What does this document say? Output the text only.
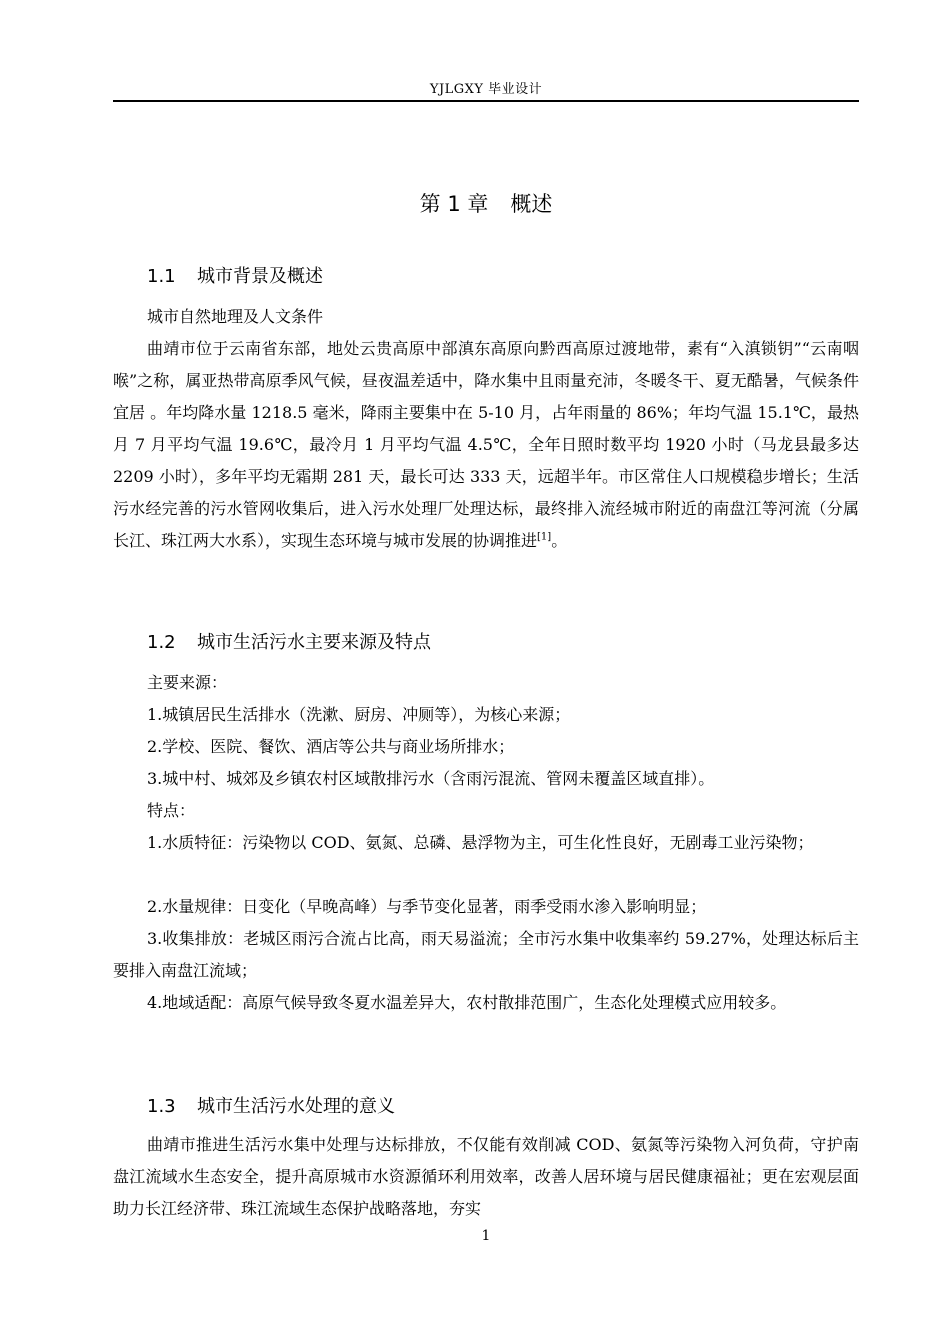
YJLGXY 毕业设计
第 1 章 概述
1.1 城市背景及概述
城市自然地理及人文条件
曲靖市位于云南省东部，地处云贵高原中部滇东高原向黔西高原过渡地带，素有“入滇锁钥”“云南咽喉”之称，属亚热带高原季风气候，昼夜温差适中，降水集中且雨量充沛，冬暖冬干、夏无酷暑，气候条件宜居 。年均降水量 1218.5 毫米，降雨主要集中在 5-10 月，占年雨量的 86%；年均气温 15.1℃，最热月 7 月平均气温 19.6℃，最冷月 1 月平均气温 4.5℃，全年日照时数平均 1920 小时（马龙县最多达 2209 小时），多年平均无霜期 281 天，最长可达 333 天，远超半年。市区常住人口规模稳步增长；生活污水经完善的污水管网收集后，进入污水处理厂处理达标，最终排入流经城市附近的南盘江等河流（分属长江、珠江两大水系），实现生态环境与城市发展的协调推进[1]。
1.2 城市生活污水主要来源及特点
主要来源：
1.城镇居民生活排水（洗漱、厨房、冲厕等），为核心来源；
2.学校、医院、餐饮、酒店等公共与商业场所排水；
3.城中村、城郊及乡镇农村区域散排污水（含雨污混流、管网未覆盖区域直排）。
特点：
1.水质特征：污染物以 COD、氨氮、总磷、悬浮物为主，可生化性良好，无剧毒工业污染物；
2.水量规律：日变化（早晚高峰）与季节变化显著，雨季受雨水渗入影响明显；
3.收集排放：老城区雨污合流占比高，雨天易溢流；全市污水集中收集率约 59.27%，处理达标后主要排入南盘江流域；
4.地域适配：高原气候导致冬夏水温差异大，农村散排范围广，生态化处理模式应用较多。
1.3 城市生活污水处理的意义
曲靖市推进生活污水集中处理与达标排放，不仅能有效削减 COD、氨氮等污染物入河负荷，守护南盘江流域水生态安全，提升高原城市水资源循环利用效率，改善人居环境与居民健康福祉；更在宏观层面助力长江经济带、珠江流域生态保护战略落地，夯实
1
